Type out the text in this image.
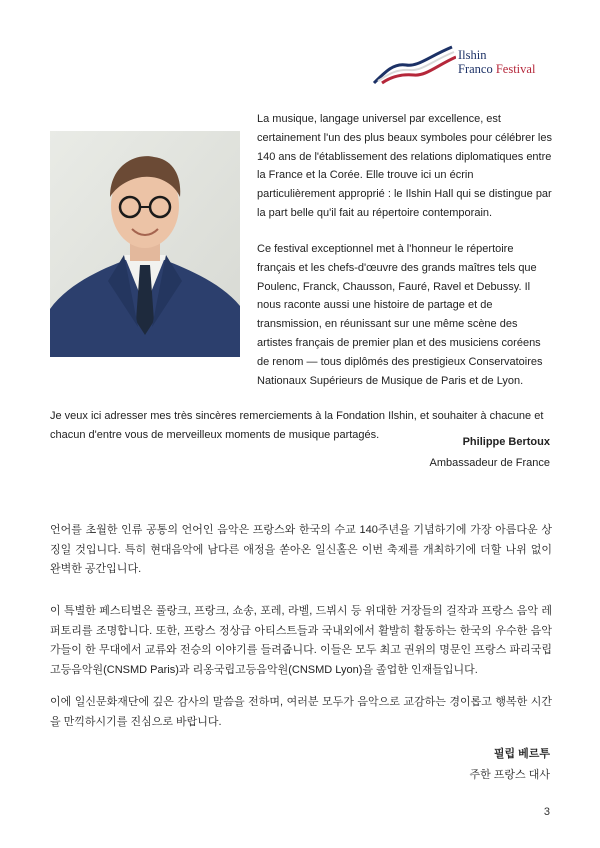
Ilshin
Franco Festival

La musique, langage universel par excellence, est certainement l'un des plus beaux symboles pour célébrer les 140 ans de l'établissement des relations diplomatiques entre la France et la Corée. Elle trouve ici un écrin particulièrement approprié : le Ilshin Hall qui se distingue par la part belle qu'il fait au répertoire contemporain.

Ce festival exceptionnel met à l'honneur le répertoire français et les chefs-d'œuvre des grands maîtres tels que Poulenc, Franck, Chausson, Fauré, Ravel et Debussy. Il nous raconte aussi une histoire de partage et de transmission, en réunissant sur une même scène des artistes français de premier plan et des musiciens coréens de renom — tous diplômés des prestigieux Conservatoires Nationaux Supérieurs de Musique de Paris et de Lyon.

Je veux ici adresser mes très sincères remerciements à la Fondation Ilshin, et souhaiter à chacune et chacun d'entre vous de merveilleux moments de musique partagés.

Philippe Bertoux
Ambassadeur de France

언어를 초월한 인류 공통의 언어인 음악은 프랑스와 한국의 수교 140주년을 기념하기에 가장 아름다운 상징일 것입니다. 특히 현대음악에 남다른 애정을 쏟아온 일신홀은 이번 축제를 개최하기에 더할 나위 없이 완벽한 공간입니다.

이 특별한 페스티벌은 풀랑크, 프랑크, 쇼송, 포레, 라벨, 드뷔시 등 위대한 거장들의 걸작과 프랑스 음악 레퍼토리를 조명합니다. 또한, 프랑스 정상급 아티스트들과 국내외에서 활발히 활동하는 한국의 우수한 음악가들이 한 무대에서 교류와 전승의 이야기를 들려줍니다. 이들은 모두 최고 권위의 명문인 프랑스 파리국립고등음악원(CNSMD Paris)과 리옹국립고등음악원(CNSMD Lyon)을 졸업한 인재들입니다.

이에 일신문화재단에 깊은 감사의 말씀을 전하며, 여러분 모두가 음악으로 교감하는 경이롭고 행복한 시간을 만끽하시기를 진심으로 바랍니다.

필립 베르투
주한 프랑스 대사
3
